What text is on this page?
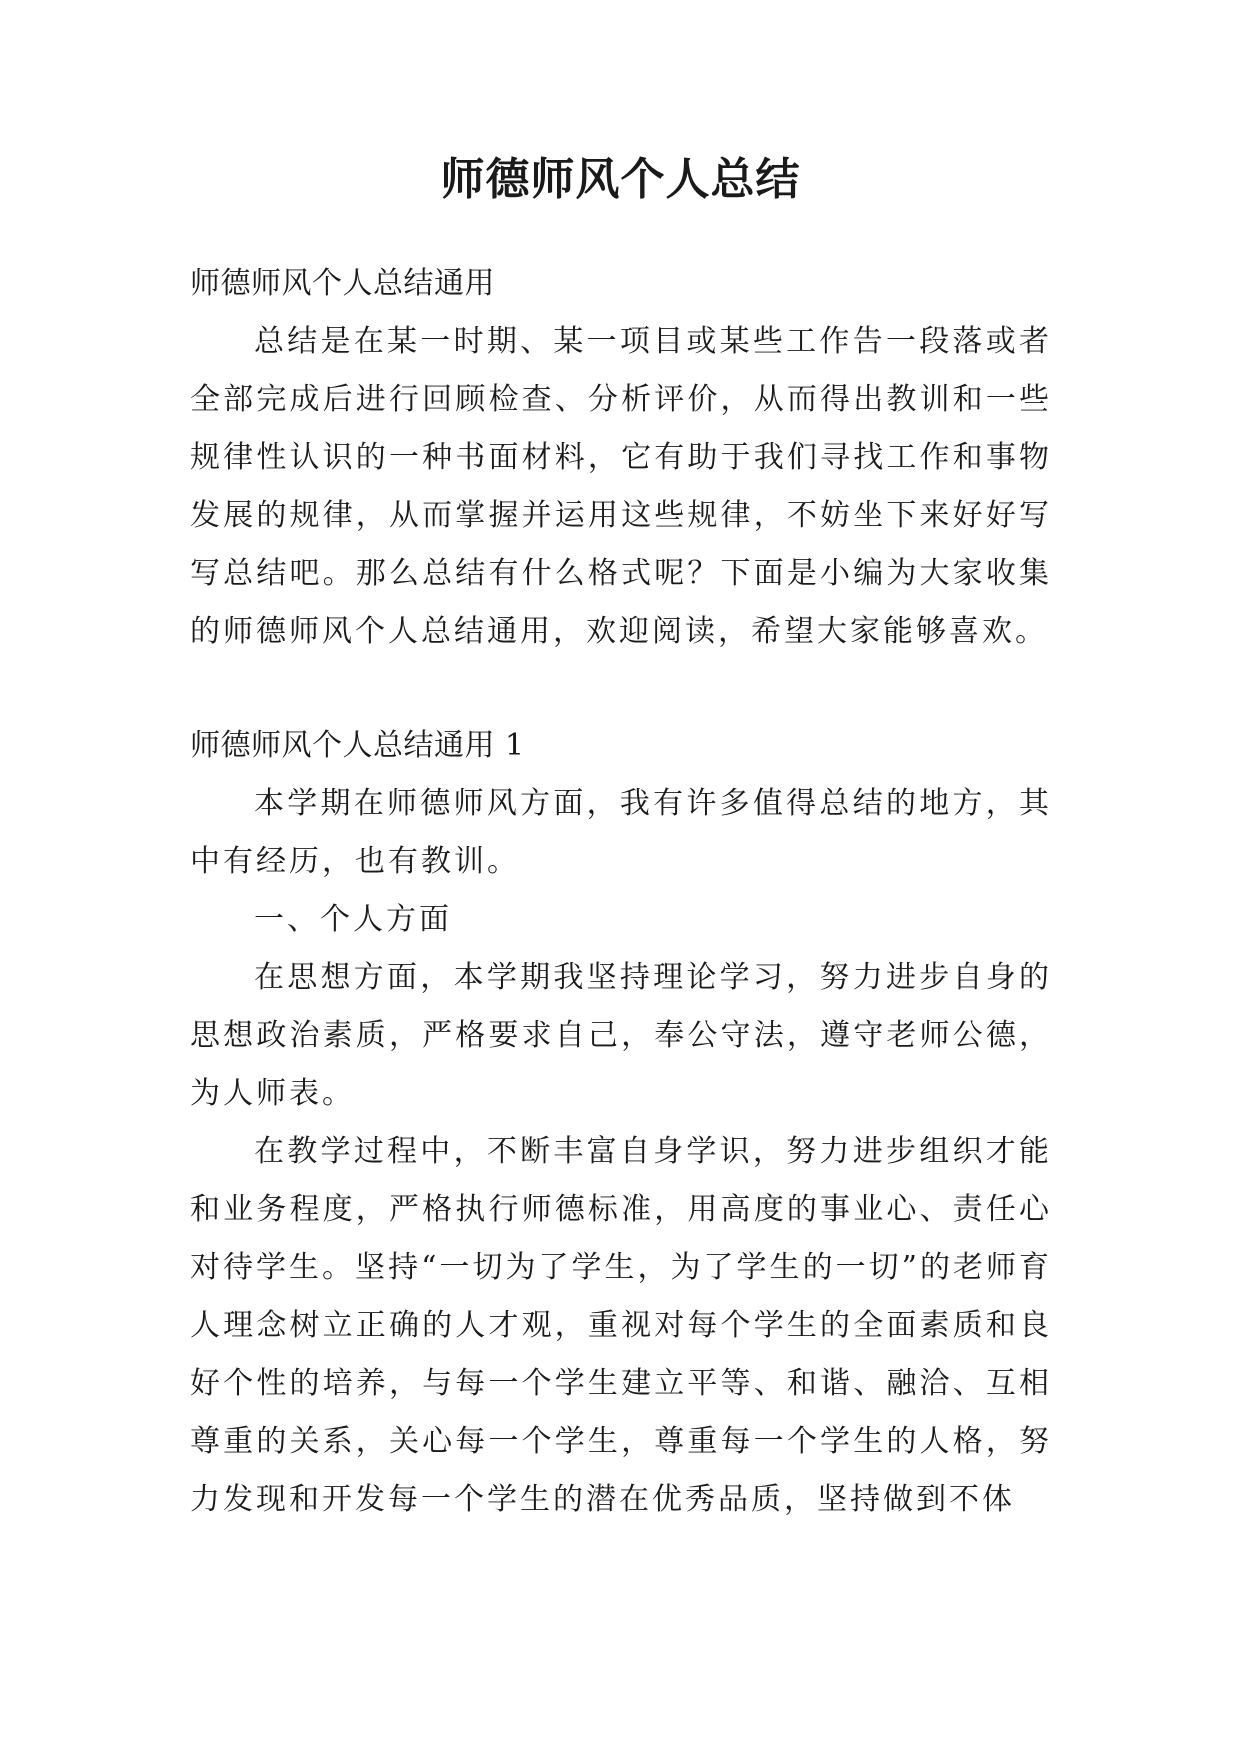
师德师风个人总结

师德师风个人总结通用

总结是在某一时期、某一项目或某些工作告一段落或者全部完成后进行回顾检查、分析评价，从而得出教训和一些规律性认识的一种书面材料，它有助于我们寻找工作和事物发展的规律，从而掌握并运用这些规律，不妨坐下来好好写写总结吧。那么总结有什么格式呢？下面是小编为大家收集的师德师风个人总结通用，欢迎阅读，希望大家能够喜欢。

师德师风个人总结通用 1

本学期在师德师风方面，我有许多值得总结的地方，其中有经历，也有教训。

一、个人方面

在思想方面，本学期我坚持理论学习，努力进步自身的思想政治素质，严格要求自己，奉公守法，遵守老师公德，为人师表。

在教学过程中，不断丰富自身学识，努力进步组织才能和业务程度，严格执行师德标准，用高度的事业心、责任心对待学生。坚持“一切为了学生，为了学生的一切”的老师育人理念树立正确的人才观，重视对每个学生的全面素质和良好个性的培养，与每一个学生建立平等、和谐、融洽、互相尊重的关系，关心每一个学生，尊重每一个学生的人格，努力发现和开发每一个学生的潜在优秀品质，坚持做到不体
